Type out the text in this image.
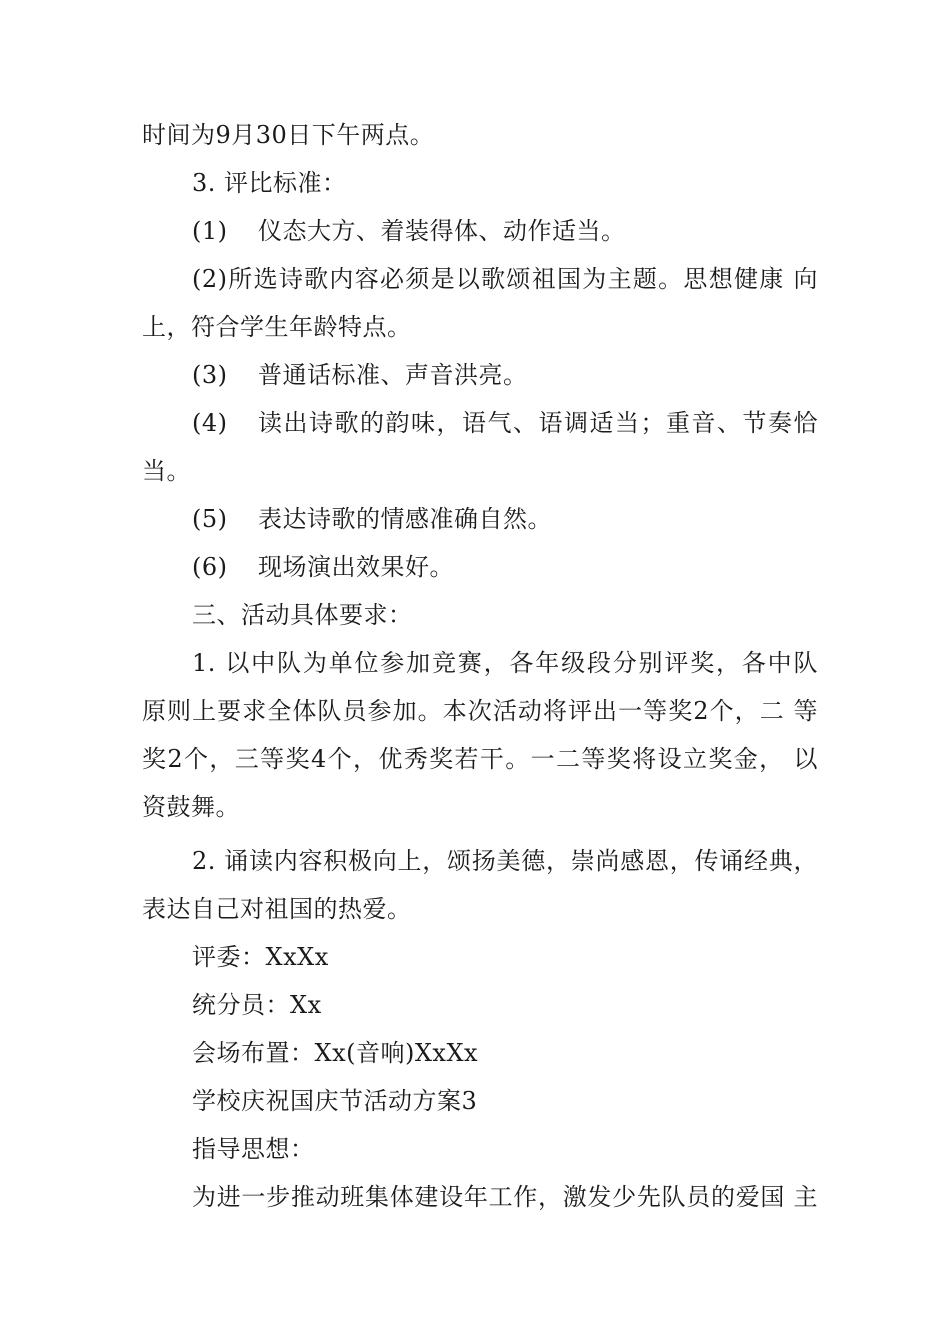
时间为9月30日下午两点。
3. 评比标准：
(1)	仪态大方、着装得体、动作适当。
(2)所选诗歌内容必须是以歌颂祖国为主题。思想健康 向
上，符合学生年龄特点。
(3)	普通话标准、声音洪亮。
(4)	读出诗歌的韵味，语气、语调适当；重音、节奏恰
当。
(5)	表达诗歌的情感准确自然。
(6)	现场演出效果好。
三、活动具体要求：
1. 以中队为单位参加竞赛，各年级段分别评奖，各中队
原则上要求全体队员参加。本次活动将评出一等奖2个，二 等
奖2个，三等奖4个，优秀奖若干。一二等奖将设立奖金， 以
资鼓舞。
2. 诵读内容积极向上，颂扬美德，崇尚感恩，传诵经典，
表达自己对祖国的热爱。
评委：XxXx
统分员：Xx
会场布置：Xx(音响)XxXx
学校庆祝国庆节活动方案3
指导思想：
为进一步推动班集体建设年工作，激发少先队员的爱国 主
